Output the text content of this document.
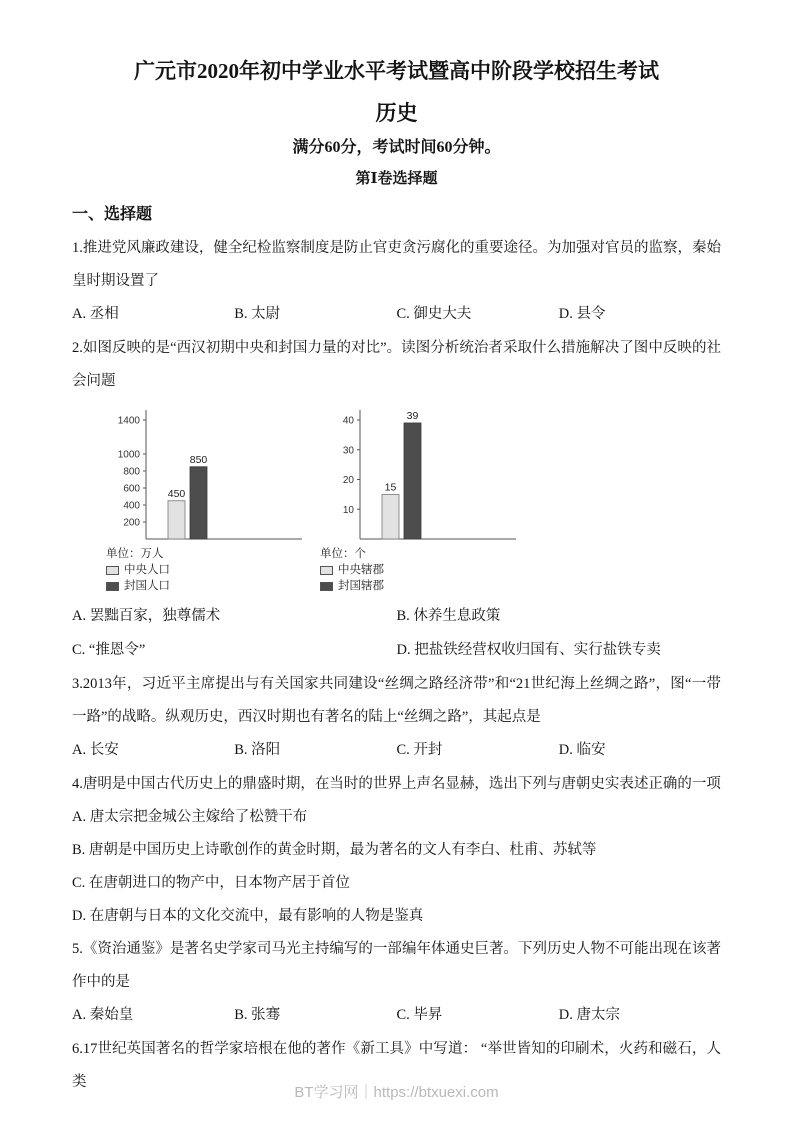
广元市2020年初中学业水平考试暨高中阶段学校招生考试
历史
满分60分，考试时间60分钟。
第Ⅰ卷选择题
一、选择题

1.推进党风廉政建设，健全纪检监察制度是防止官吏贪污腐化的重要途径。为加强对官员的监察，秦始皇时期设置了

A. 丞相	B. 太尉	C. 御史大夫	D. 县令

2.如图反映的是“西汉初期中央和封国力量的对比”。读图分析统治者采取什么措施解决了图中反映的社会问题

200
400
600
800
1000
1400
450
850
单位：万人
中央人口
封国人口
10
20
30
40
15
39
单位：个
中央辖郡
封国辖郡
A. 罢黜百家，独尊儒术	B. 休养生息政策
C. “推恩令”	D. 把盐铁经营权收归国有、实行盐铁专卖

3.2013年，习近平主席提出与有关国家共同建设“丝绸之路经济带”和“21世纪海上丝绸之路”，图“一带一路”的战略。纵观历史，西汉时期也有著名的陆上“丝绸之路”，其起点是

A. 长安	B. 洛阳	C. 开封	D. 临安

4.唐明是中国古代历史上的鼎盛时期，在当时的世界上声名显赫，选出下列与唐朝史实表述正确的一项

A. 唐太宗把金城公主嫁给了松赞干布
B. 唐朝是中国历史上诗歌创作的黄金时期，最为著名的文人有李白、杜甫、苏轼等
C. 在唐朝进口的物产中，日本物产居于首位
D. 在唐朝与日本的文化交流中，最有影响的人物是鉴真

5.《资治通鉴》是著名史学家司马光主持编写的一部编年体通史巨著。下列历史人物不可能出现在该著作中的是

A. 秦始皇	B. 张骞	C. 毕昇	D. 唐太宗

6.17世纪英国著名的哲学家培根在他的著作《新工具》中写道： “举世皆知的印刷术，火药和磁石，人类

BT学习网｜https://btxuexi.com
